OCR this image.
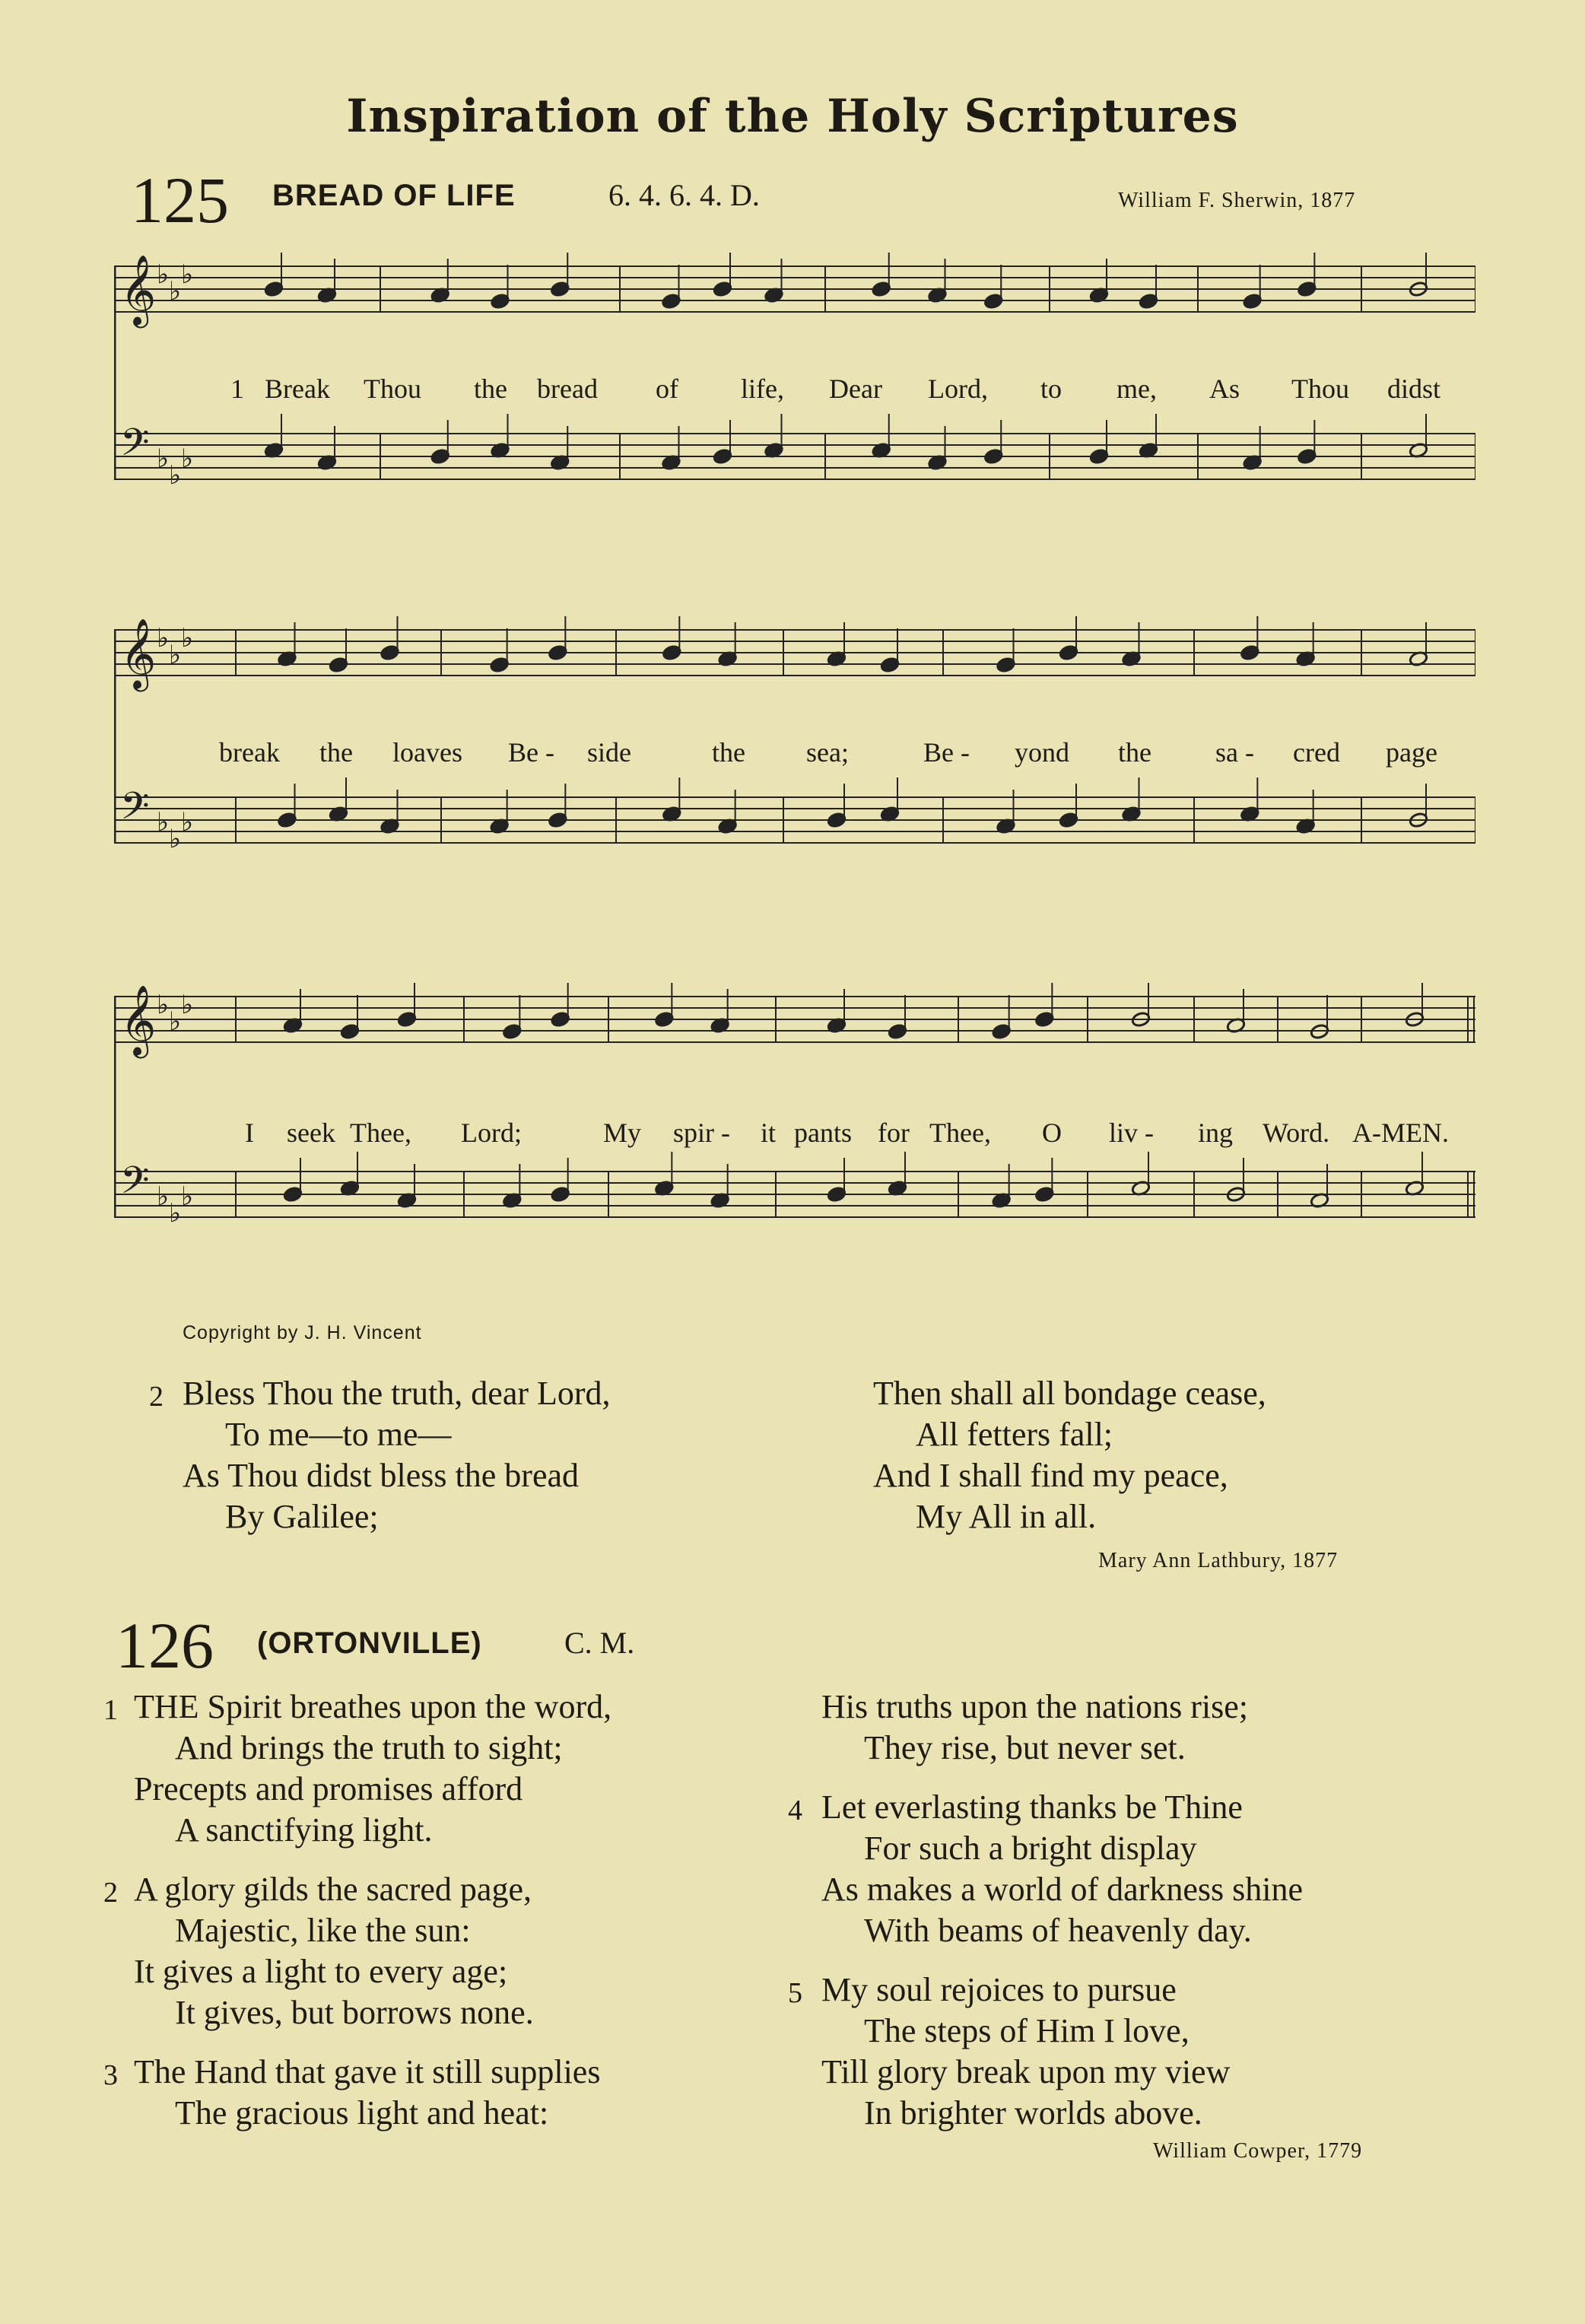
Inspiration of the Holy Scriptures
125 BREAD OF LIFE	6. 4. 6. 4. D.	William F. Sherwin, 1877
𝄞 ♭
♭
♭
𝄢 ♭
♭
♭
1 Break Thou the bread of life, Dear Lord, to me, As Thou didst
𝄞 ♭
♭
♭
𝄢 ♭
♭
♭
break the loaves Be - side	the sea;	Be - yond the sa - cred page
𝄞 ♭
♭
♭
𝄢 ♭
♭
♭
I seek Thee, Lord;	My spir - it pants for Thee, O liv - ing Word. A-MEN.
Copyright by J. H. Vincent
2 Bless Thou the truth, dear Lord,
To me—to me—
As Thou didst bless the bread
By Galilee;
Then shall all bondage cease,
All fetters fall;
And I shall find my peace,
My All in all.
Mary Ann Lathbury, 1877
126 (ORTONVILLE)	C. M.
1 THE Spirit breathes upon the word,
And brings the truth to sight;
Precepts and promises afford
A sanctifying light.
2 A glory gilds the sacred page,
Majestic, like the sun:
It gives a light to every age;
It gives, but borrows none.
3 The Hand that gave it still supplies
The gracious light and heat:
His truths upon the nations rise;
They rise, but never set.
4 Let everlasting thanks be Thine
For such a bright display
As makes a world of darkness shine
With beams of heavenly day.
5 My soul rejoices to pursue
The steps of Him I love,
Till glory break upon my view
In brighter worlds above.
William Cowper, 1779
